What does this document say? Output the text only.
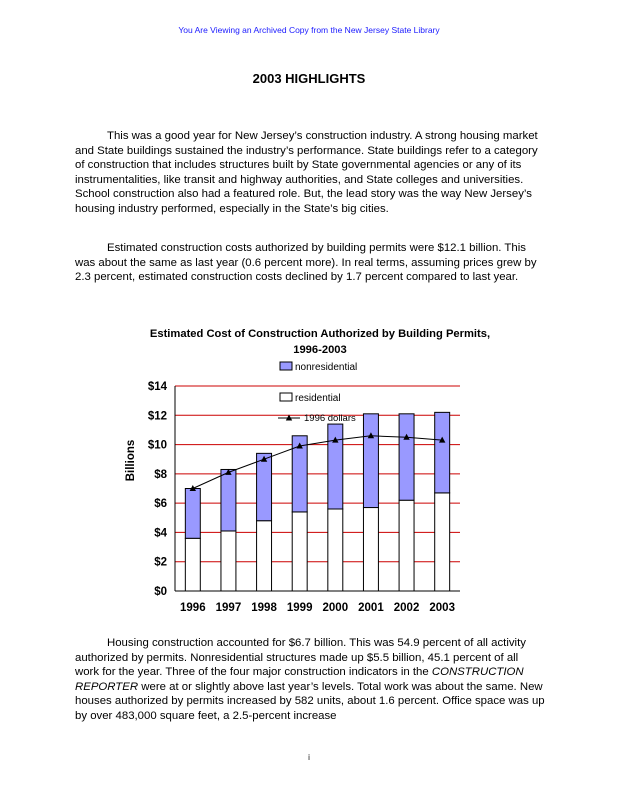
You Are Viewing an Archived Copy from the New Jersey State Library
2003 HIGHLIGHTS

This was a good year for New Jersey’s construction industry. A strong housing market and State buildings sustained the industry’s performance. State buildings refer to a category of construction that includes structures built by State governmental agencies or any of its instrumentalities, like transit and highway authorities, and State colleges and universities. School construction also had a featured role. But, the lead story was the way New Jersey’s housing industry performed, especially in the State’s big cities.

Estimated construction costs authorized by building permits were $12.1 billion. This was about the same as last year (0.6 percent more). In real terms, assuming prices grew by 2.3 percent, estimated construction costs declined by 1.7 percent compared to last year.

Estimated Cost of Construction Authorized by Building Permits, 1996-2003
$0
$2
$4
$6
$8
$10
$12
$14
Billions
1996 1997 1998 1999 2000 2001 2002 2003
nonresidential
residential
1996 dollars

Housing construction accounted for $6.7 billion. This was 54.9 percent of all activity authorized by permits. Nonresidential structures made up $5.5 billion, 45.1 percent of all work for the year. Three of the four major construction indicators in the CONSTRUCTION REPORTER were at or slightly above last year’s levels. Total work was about the same. New houses authorized by permits increased by 582 units, about 1.6 percent. Office space was up by over 483,000 square feet, a 2.5-percent increase

i
